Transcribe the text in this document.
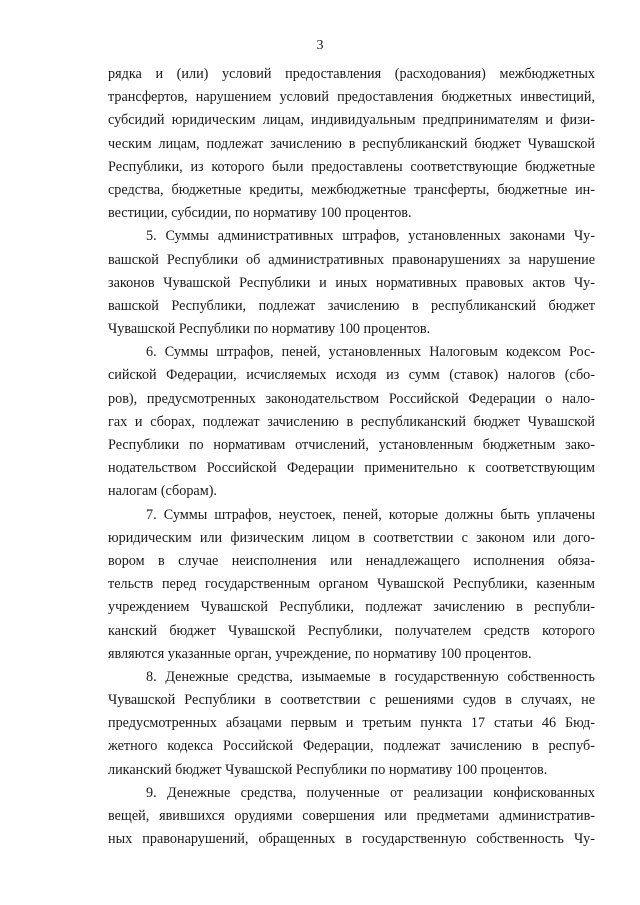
3
рядка и (или) условий предоставления (расходования) межбюджетных
трансфертов, нарушением условий предоставления бюджетных инвестиций,
субсидий юридическим лицам, индивидуальным предпринимателям и физи-
ческим лицам, подлежат зачислению в республиканский бюджет Чувашской
Республики, из которого были предоставлены соответствующие бюджетные
средства, бюджетные кредиты, межбюджетные трансферты, бюджетные ин-
вестиции, субсидии, по нормативу 100 процентов.
5. Суммы административных штрафов, установленных законами Чу-
вашской Республики об административных правонарушениях за нарушение
законов Чувашской Республики и иных нормативных правовых актов Чу-
вашской Республики, подлежат зачислению в республиканский бюджет
Чувашской Республики по нормативу 100 процентов.
6. Суммы штрафов, пеней, установленных Налоговым кодексом Рос-
сийской Федерации, исчисляемых исходя из сумм (ставок) налогов (сбо-
ров), предусмотренных законодательством Российской Федерации о нало-
гах и сборах, подлежат зачислению в республиканский бюджет Чувашской
Республики по нормативам отчислений, установленным бюджетным зако-
нодательством Российской Федерации применительно к соответствующим
налогам (сборам).
7. Суммы штрафов, неустоек, пеней, которые должны быть уплачены
юридическим или физическим лицом в соответствии с законом или дого-
вором в случае неисполнения или ненадлежащего исполнения обяза-
тельств перед государственным органом Чувашской Республики, казенным
учреждением Чувашской Республики, подлежат зачислению в республи-
канский бюджет Чувашской Республики, получателем средств которого
являются указанные орган, учреждение, по нормативу 100 процентов.
8. Денежные средства, изымаемые в государственную собственность
Чувашской Республики в соответствии с решениями судов в случаях, не
предусмотренных абзацами первым и третьим пункта 17 статьи 46 Бюд-
жетного кодекса Российской Федерации, подлежат зачислению в респуб-
ликанский бюджет Чувашской Республики по нормативу 100 процентов.
9. Денежные средства, полученные от реализации конфискованных
вещей, явившихся орудиями совершения или предметами административ-
ных правонарушений, обращенных в государственную собственность Чу-
